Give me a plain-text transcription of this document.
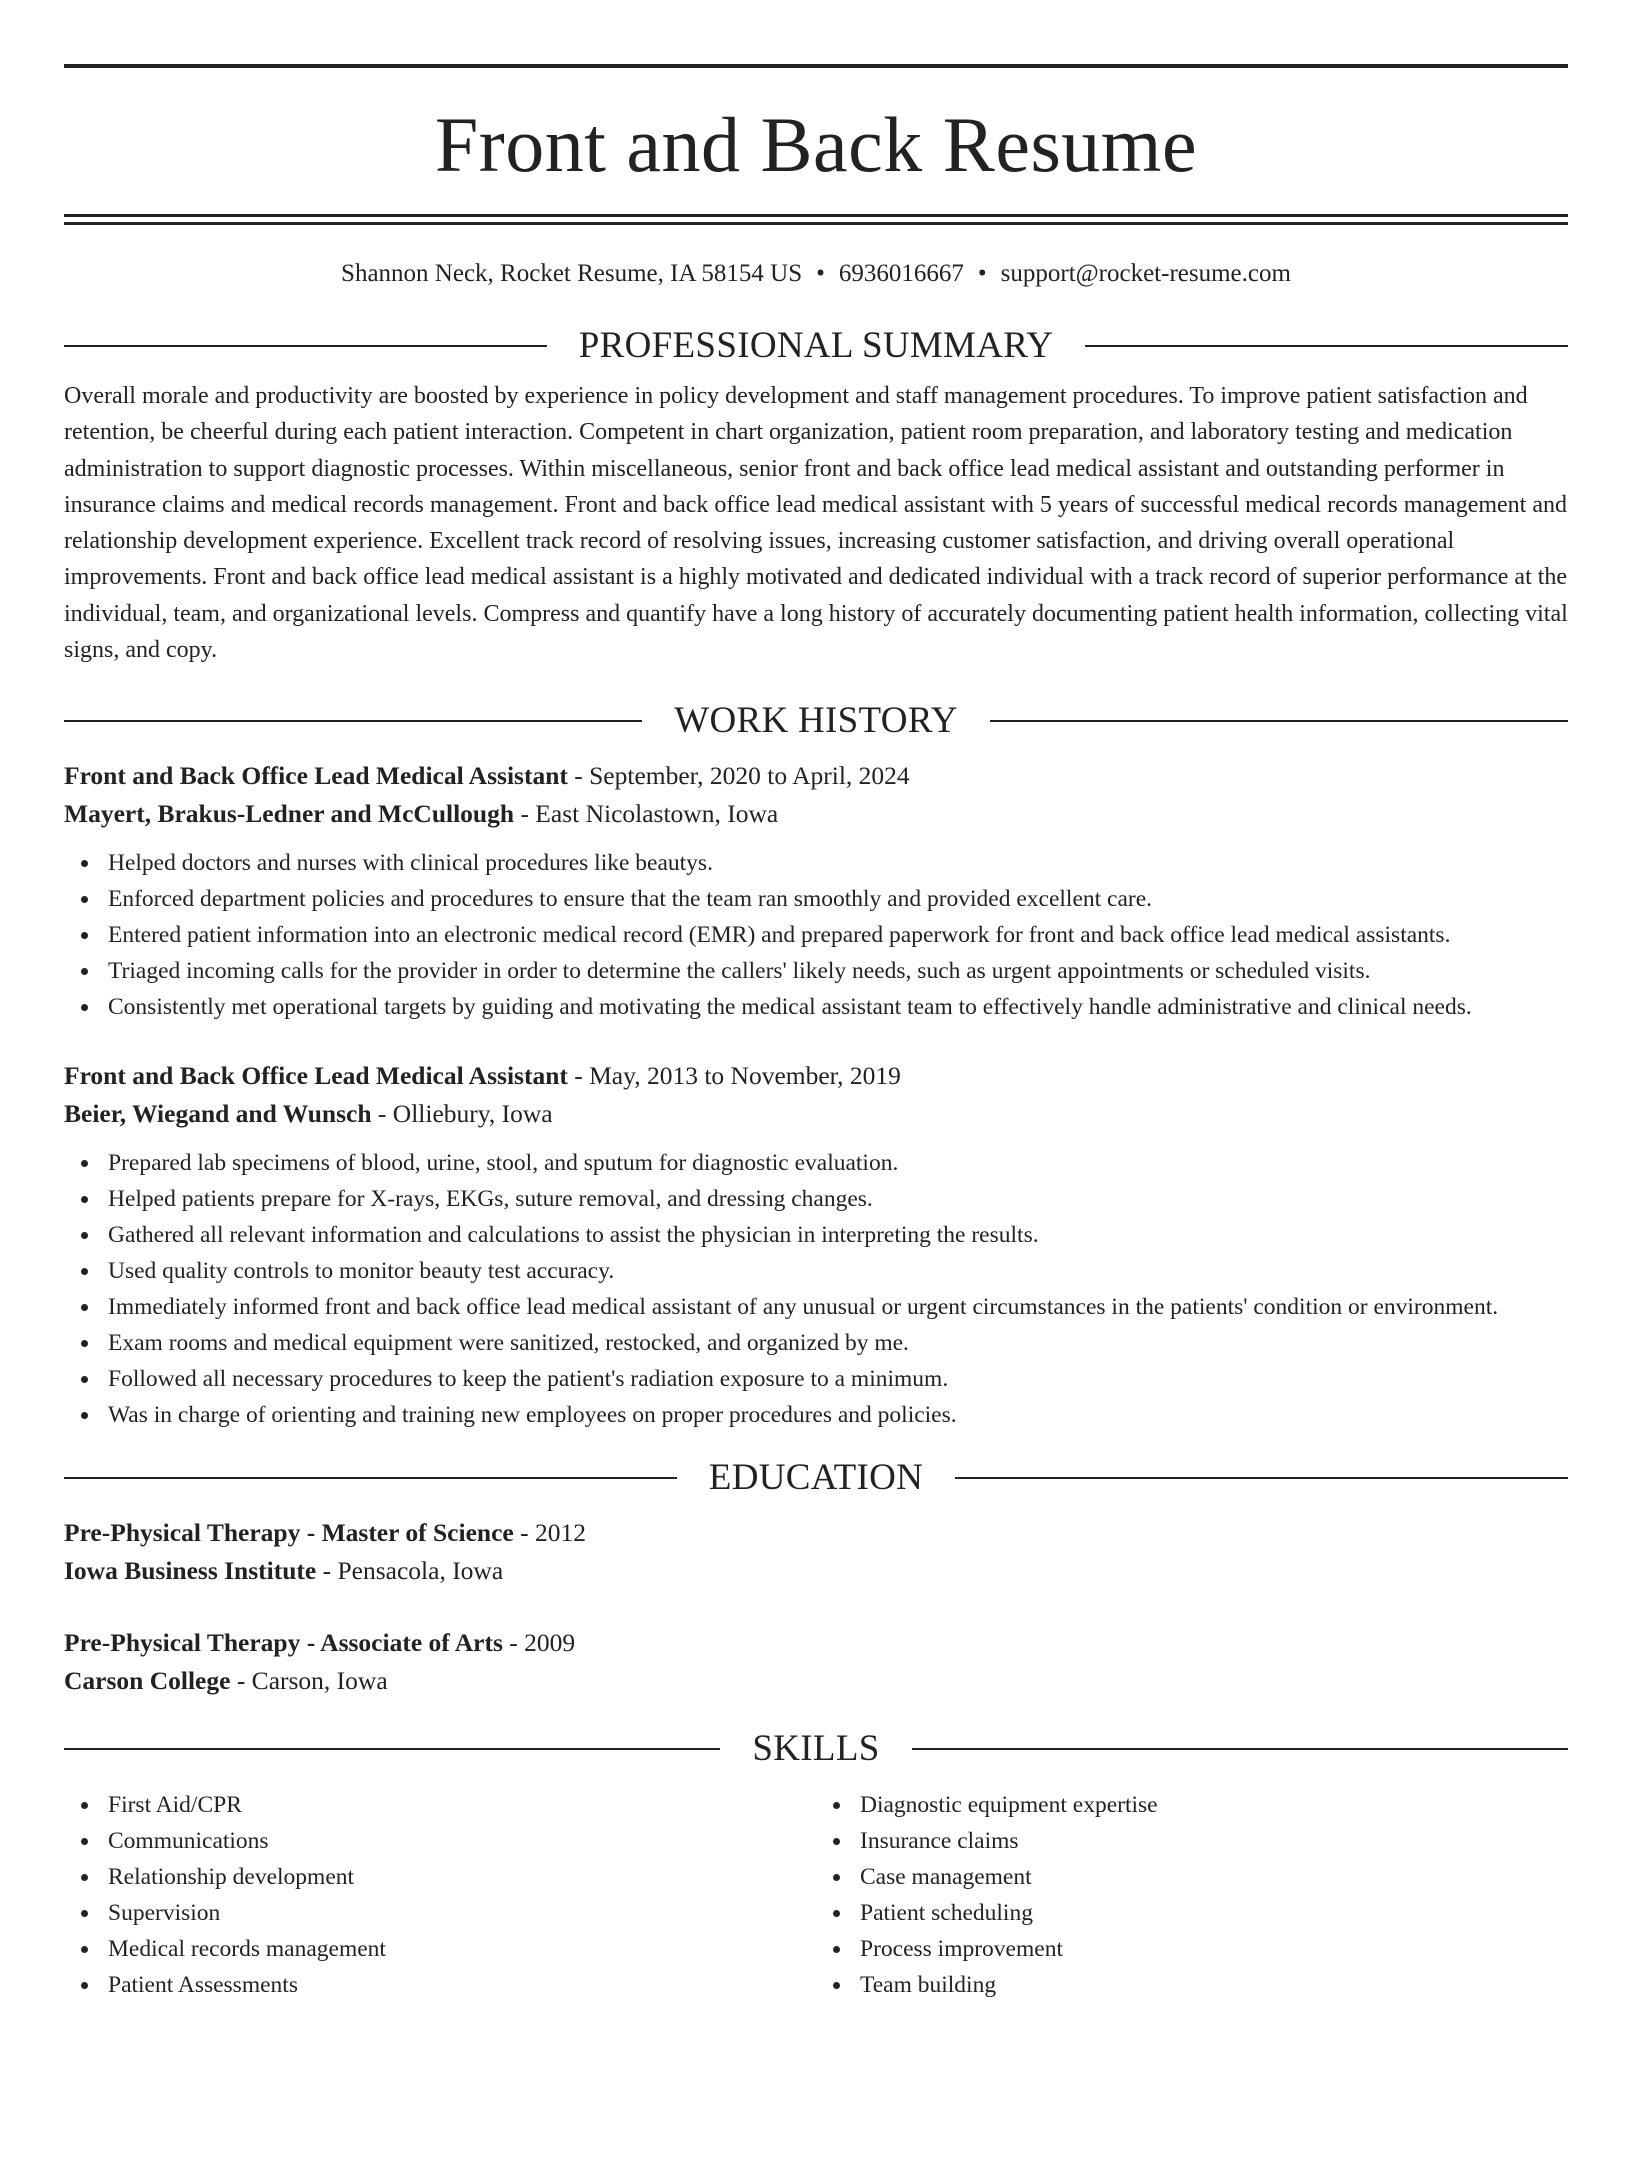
Front and Back Resume
Shannon Neck, Rocket Resume, IA 58154 US • 6936016667 • support@rocket-resume.com
PROFESSIONAL SUMMARY

Overall morale and productivity are boosted by experience in policy development and staff management procedures. To improve patient satisfaction and retention, be cheerful during each patient interaction. Competent in chart organization, patient room preparation, and laboratory testing and medication administration to support diagnostic processes. Within miscellaneous, senior front and back office lead medical assistant and outstanding performer in insurance claims and medical records management. Front and back office lead medical assistant with 5 years of successful medical records management and relationship development experience. Excellent track record of resolving issues, increasing customer satisfaction, and driving overall operational improvements. Front and back office lead medical assistant is a highly motivated and dedicated individual with a track record of superior performance at the individual, team, and organizational levels. Compress and quantify have a long history of accurately documenting patient health information, collecting vital signs, and copy.

WORK HISTORY
Front and Back Office Lead Medical Assistant - September, 2020 to April, 2024
Mayert, Brakus-Ledner and McCullough - East Nicolastown, Iowa
Helped doctors and nurses with clinical procedures like beautys.
Enforced department policies and procedures to ensure that the team ran smoothly and provided excellent care.
Entered patient information into an electronic medical record (EMR) and prepared paperwork for front and back office lead medical assistants.
Triaged incoming calls for the provider in order to determine the callers' likely needs, such as urgent appointments or scheduled visits.
Consistently met operational targets by guiding and motivating the medical assistant team to effectively handle administrative and clinical needs.
Front and Back Office Lead Medical Assistant - May, 2013 to November, 2019
Beier, Wiegand and Wunsch - Olliebury, Iowa
Prepared lab specimens of blood, urine, stool, and sputum for diagnostic evaluation.
Helped patients prepare for X-rays, EKGs, suture removal, and dressing changes.
Gathered all relevant information and calculations to assist the physician in interpreting the results.
Used quality controls to monitor beauty test accuracy.
Immediately informed front and back office lead medical assistant of any unusual or urgent circumstances in the patients' condition or environment.
Exam rooms and medical equipment were sanitized, restocked, and organized by me.
Followed all necessary procedures to keep the patient's radiation exposure to a minimum.
Was in charge of orienting and training new employees on proper procedures and policies.
EDUCATION
Pre-Physical Therapy - Master of Science - 2012
Iowa Business Institute - Pensacola, Iowa
Pre-Physical Therapy - Associate of Arts - 2009
Carson College - Carson, Iowa
SKILLS
First Aid/CPR
Communications
Relationship development
Supervision
Medical records management
Patient Assessments
Diagnostic equipment expertise
Insurance claims
Case management
Patient scheduling
Process improvement
Team building
